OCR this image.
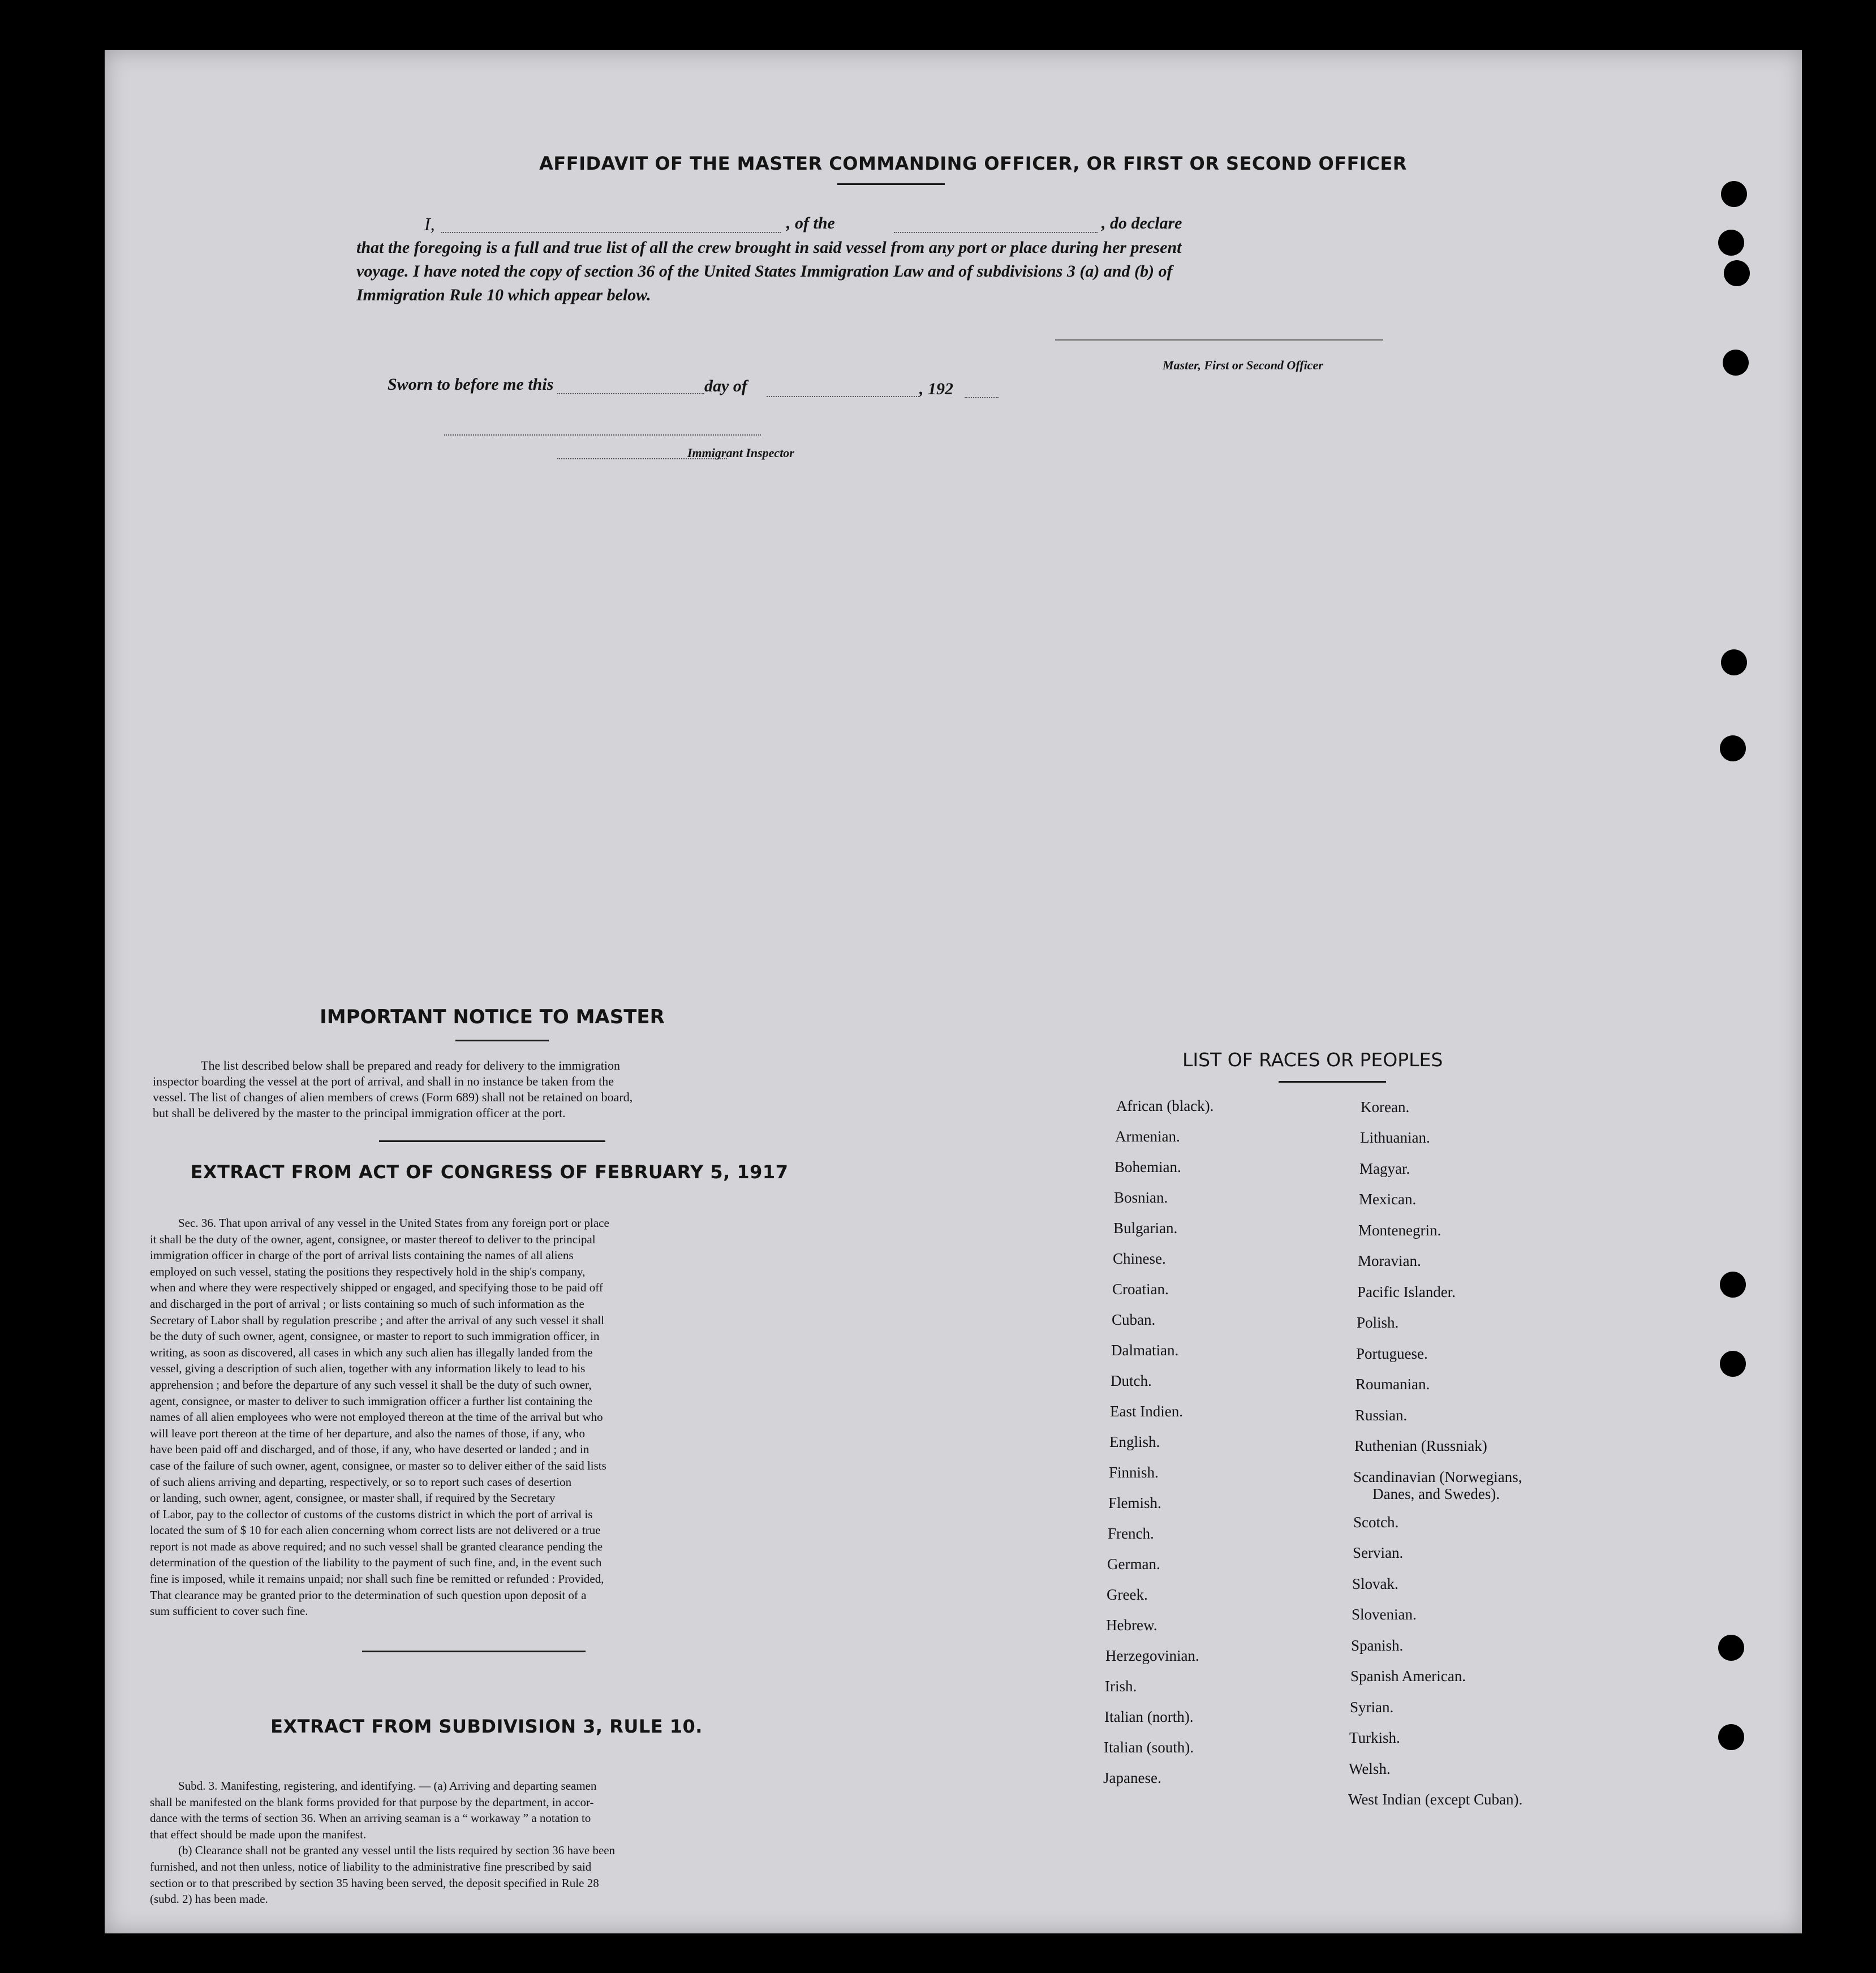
AFFIDAVIT OF THE MASTER COMMANDING OFFICER, OR FIRST OR SECOND OFFICER
I,	, of the	, do declare
that the foregoing is a full and true list of all the crew brought in said vessel from any port or place during her present
voyage. I have noted the copy of section 36 of the United States Immigration Law and of subdivisions 3 (a) and (b) of
Immigration Rule 10 which appear below.
Master, First or Second Officer
Sworn to before me this	day of	, 192
Immigrant Inspector
IMPORTANT NOTICE TO MASTER
The list described below shall be prepared and ready for delivery to the immigration
inspector boarding the vessel at the port of arrival, and shall in no instance be taken from the
vessel. The list of changes of alien members of crews (Form 689) shall not be retained on board,
but shall be delivered by the master to the principal immigration officer at the port.
EXTRACT FROM ACT OF CONGRESS OF FEBRUARY 5, 1917
Sec. 36. That upon arrival of any vessel in the United States from any foreign port or place
it shall be the duty of the owner, agent, consignee, or master thereof to deliver to the principal
immigration officer in charge of the port of arrival lists containing the names of all aliens
employed on such vessel, stating the positions they respectively hold in the ship's company,
when and where they were respectively shipped or engaged, and specifying those to be paid off
and discharged in the port of arrival ; or lists containing so much of such information as the
Secretary of Labor shall by regulation prescribe ; and after the arrival of any such vessel it shall
be the duty of such owner, agent, consignee, or master to report to such immigration officer, in
writing, as soon as discovered, all cases in which any such alien has illegally landed from the
vessel, giving a description of such alien, together with any information likely to lead to his
apprehension ; and before the departure of any such vessel it shall be the duty of such owner,
agent, consignee, or master to deliver to such immigration officer a further list containing the
names of all alien employees who were not employed thereon at the time of the arrival but who
will leave port thereon at the time of her departure, and also the names of those, if any, who
have been paid off and discharged, and of those, if any, who have deserted or landed ; and in
case of the failure of such owner, agent, consignee, or master so to deliver either of the said lists
of such aliens arriving and departing, respectively, or so to report such cases of desertion
or landing, such owner, agent, consignee, or master shall, if required by the Secretary
of Labor, pay to the collector of customs of the customs district in which the port of arrival is
located the sum of $ 10 for each alien concerning whom correct lists are not delivered or a true
report is not made as above required; and no such vessel shall be granted clearance pending the
determination of the question of the liability to the payment of such fine, and, in the event such
fine is imposed, while it remains unpaid; nor shall such fine be remitted or refunded : Provided,
That clearance may be granted prior to the determination of such question upon deposit of a
sum sufficient to cover such fine.
EXTRACT FROM SUBDIVISION 3, RULE 10.
Subd. 3. Manifesting, registering, and identifying. — (a) Arriving and departing seamen
shall be manifested on the blank forms provided for that purpose by the department, in accor-
dance with the terms of section 36. When an arriving seaman is a “ workaway ” a notation to
that effect should be made upon the manifest.
(b) Clearance shall not be granted any vessel until the lists required by section 36 have been
furnished, and not then unless, notice of liability to the administrative fine prescribed by said
section or to that prescribed by section 35 having been served, the deposit specified in Rule 28
(subd. 2) has been made.
LIST OF RACES OR PEOPLES
African (black).
Armenian.
Bohemian.
Bosnian.
Bulgarian.
Chinese.
Croatian.
Cuban.
Dalmatian.
Dutch.
East Indien.
English.
Finnish.
Flemish.
French.
German.
Greek.
Hebrew.
Herzegovinian.
Irish.
Italian (north).
Italian (south).
Japanese.
Korean.
Lithuanian.
Magyar.
Mexican.
Montenegrin.
Moravian.
Pacific Islander.
Polish.
Portuguese.
Roumanian.
Russian.
Ruthenian (Russniak)
Scandinavian (Norwegians,
Danes, and Swedes).
Scotch.
Servian.
Slovak.
Slovenian.
Spanish.
Spanish American.
Syrian.
Turkish.
Welsh.
West Indian (except Cuban).
